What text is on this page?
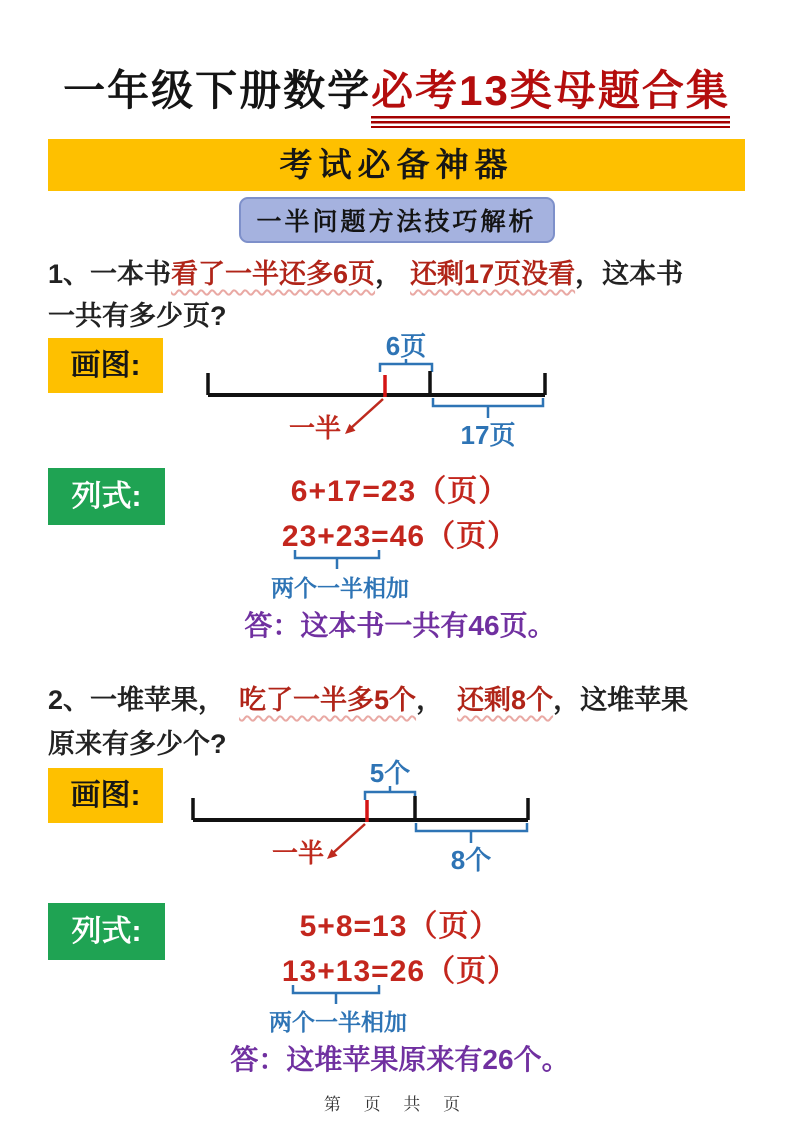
一年级下册数学必考13类母题合集
考试必备神器
一半问题方法技巧解析
1、一本书看了一半还多6页， 还剩17页没看，这本书
一共有多少页?
画图:
6页
17页
一半
列式:	6+17=23（页）
23+23=46（页）
两个一半相加
答：这本书一共有46页。
2、一堆苹果， 吃了一半多5个， 还剩8个，这堆苹果
原来有多少个?
画图:
5个
8个
一半
列式:	5+8=13（页）
13+13=26（页）
两个一半相加
答：这堆苹果原来有26个。
第 页 共 页
